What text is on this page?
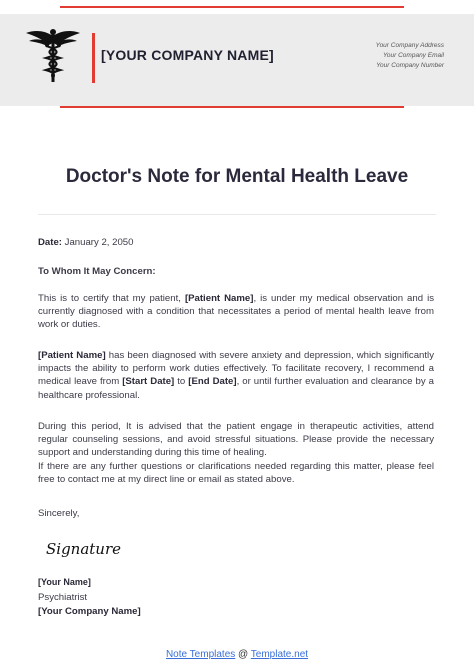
[YOUR COMPANY NAME]
Your Company Address
Your Company Email
Your Company Number
Doctor's Note for Mental Health Leave
Date: January 2, 2050
To Whom It May Concern:
This is to certify that my patient, [Patient Name], is under my medical observation and is currently diagnosed with a condition that necessitates a period of mental health leave from work or duties.
[Patient Name] has been diagnosed with severe anxiety and depression, which significantly impacts the ability to perform work duties effectively. To facilitate recovery, I recommend a medical leave from [Start Date] to [End Date], or until further evaluation and clearance by a healthcare professional.
During this period, It is advised that the patient engage in therapeutic activities, attend regular counseling sessions, and avoid stressful situations. Please provide the necessary support and understanding during this time of healing.
If there are any further questions or clarifications needed regarding this matter, please feel free to contact me at my direct line or email as stated above.
Sincerely,
Signature
[Your Name]
Psychiatrist
[Your Company Name]
Note Templates @ Template.net
